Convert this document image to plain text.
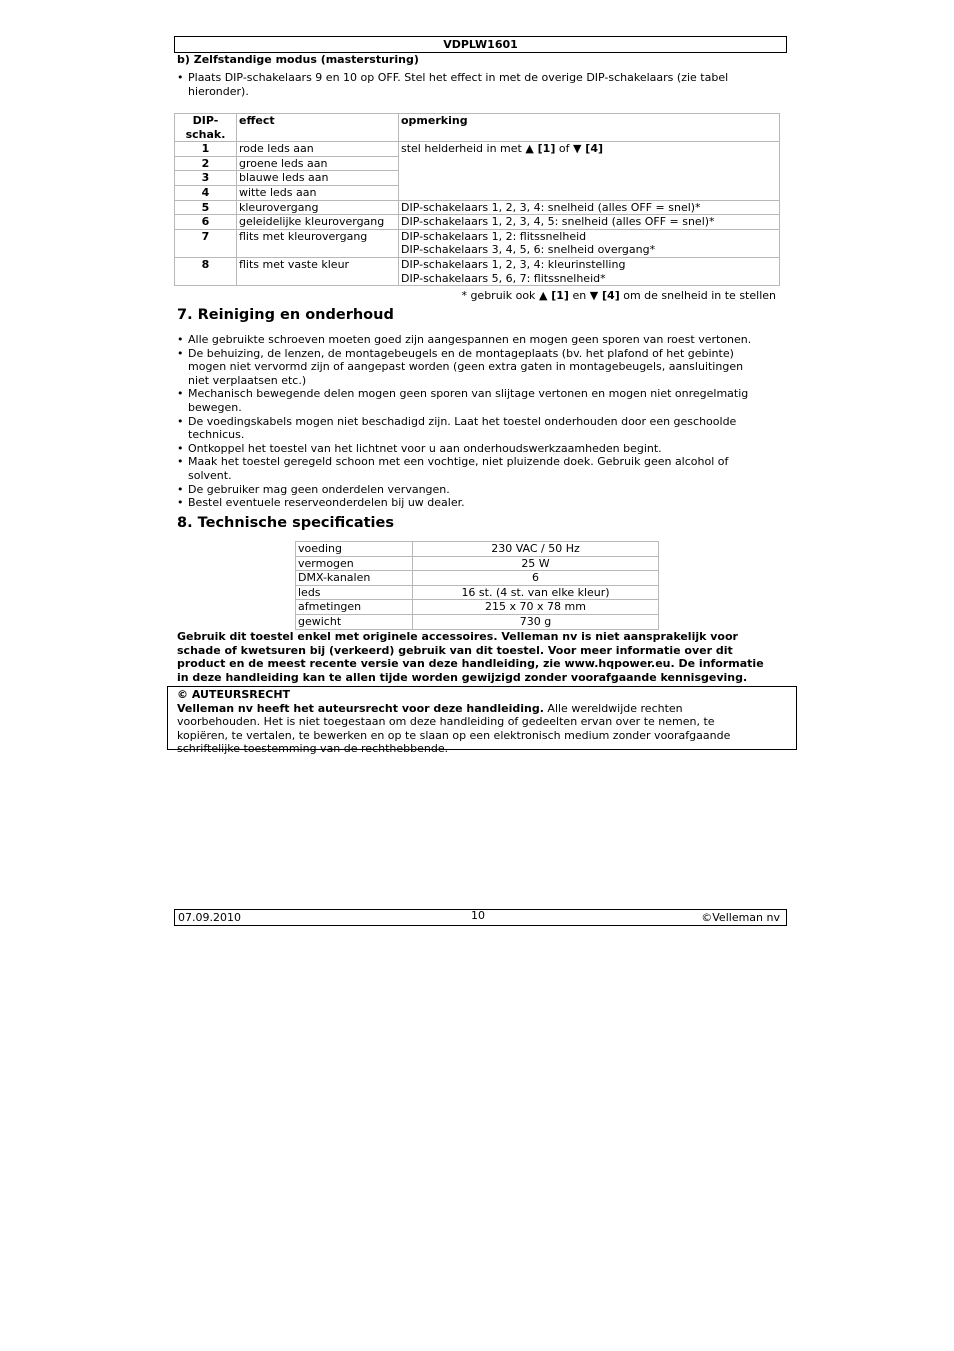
VDPLW1601
b) Zelfstandige modus (mastersturing)
• Plaats DIP-schakelaars 9 en 10 op OFF. Stel het effect in met de overige DIP-schakelaars (zie tabel hieronder).
DIP-
schak.	effect	opmerking
1	rode leds aan	stel helderheid in met ▲ [1] of ▼ [4]
2	groene leds aan	
3	blauwe leds aan	
4	witte leds aan	
5	kleurovergang	DIP-schakelaars 1, 2, 3, 4: snelheid (alles OFF = snel)*
6	geleidelijke kleurovergang	DIP-schakelaars 1, 2, 3, 4, 5: snelheid (alles OFF = snel)*
7	flits met kleurovergang	DIP-schakelaars 1, 2: flitssnelheid
DIP-schakelaars 3, 4, 5, 6: snelheid overgang*

8	flits met vaste kleur	DIP-schakelaars 1, 2, 3, 4: kleurinstelling
DIP-schakelaars 5, 6, 7: flitssnelheid*
* gebruik ook ▲ [1] en ▼ [4] om de snelheid in te stellen
7. Reiniging en onderhoud
• Alle gebruikte schroeven moeten goed zijn aangespannen en mogen geen sporen van roest vertonen.
• De behuizing, de lenzen, de montagebeugels en de montageplaats (bv. het plafond of het gebinte) mogen niet vervormd zijn of aangepast worden (geen extra gaten in montagebeugels, aansluitingen niet verplaatsen etc.)
• Mechanisch bewegende delen mogen geen sporen van slijtage vertonen en mogen niet onregelmatig bewegen.
• De voedingskabels mogen niet beschadigd zijn. Laat het toestel onderhouden door een geschoolde technicus.
• Ontkoppel het toestel van het lichtnet voor u aan onderhoudswerkzaamheden begint.
• Maak het toestel geregeld schoon met een vochtige, niet pluizende doek. Gebruik geen alcohol of solvent.
• De gebruiker mag geen onderdelen vervangen.
• Bestel eventuele reserveonderdelen bij uw dealer.
8. Technische specificaties
voeding	230 VAC / 50 Hz
vermogen	25 W
DMX-kanalen	6
leds	16 st. (4 st. van elke kleur)
afmetingen	215 x 70 x 78 mm
gewicht	730 g
Gebruik dit toestel enkel met originele accessoires. Velleman nv is niet aansprakelijk voor
schade of kwetsuren bij (verkeerd) gebruik van dit toestel. Voor meer informatie over dit
product en de meest recente versie van deze handleiding, zie www.hqpower.eu. De informatie
in deze handleiding kan te allen tijde worden gewijzigd zonder voorafgaande kennisgeving.
© AUTEURSRECHT
Velleman nv heeft het auteursrecht voor deze handleiding. Alle wereldwijde rechten
voorbehouden. Het is niet toegestaan om deze handleiding of gedeelten ervan over te nemen, te
kopiëren, te vertalen, te bewerken en op te slaan op een elektronisch medium zonder voorafgaande
schriftelijke toestemming van de rechthebbende.
07.09.2010	10	©Velleman nv
